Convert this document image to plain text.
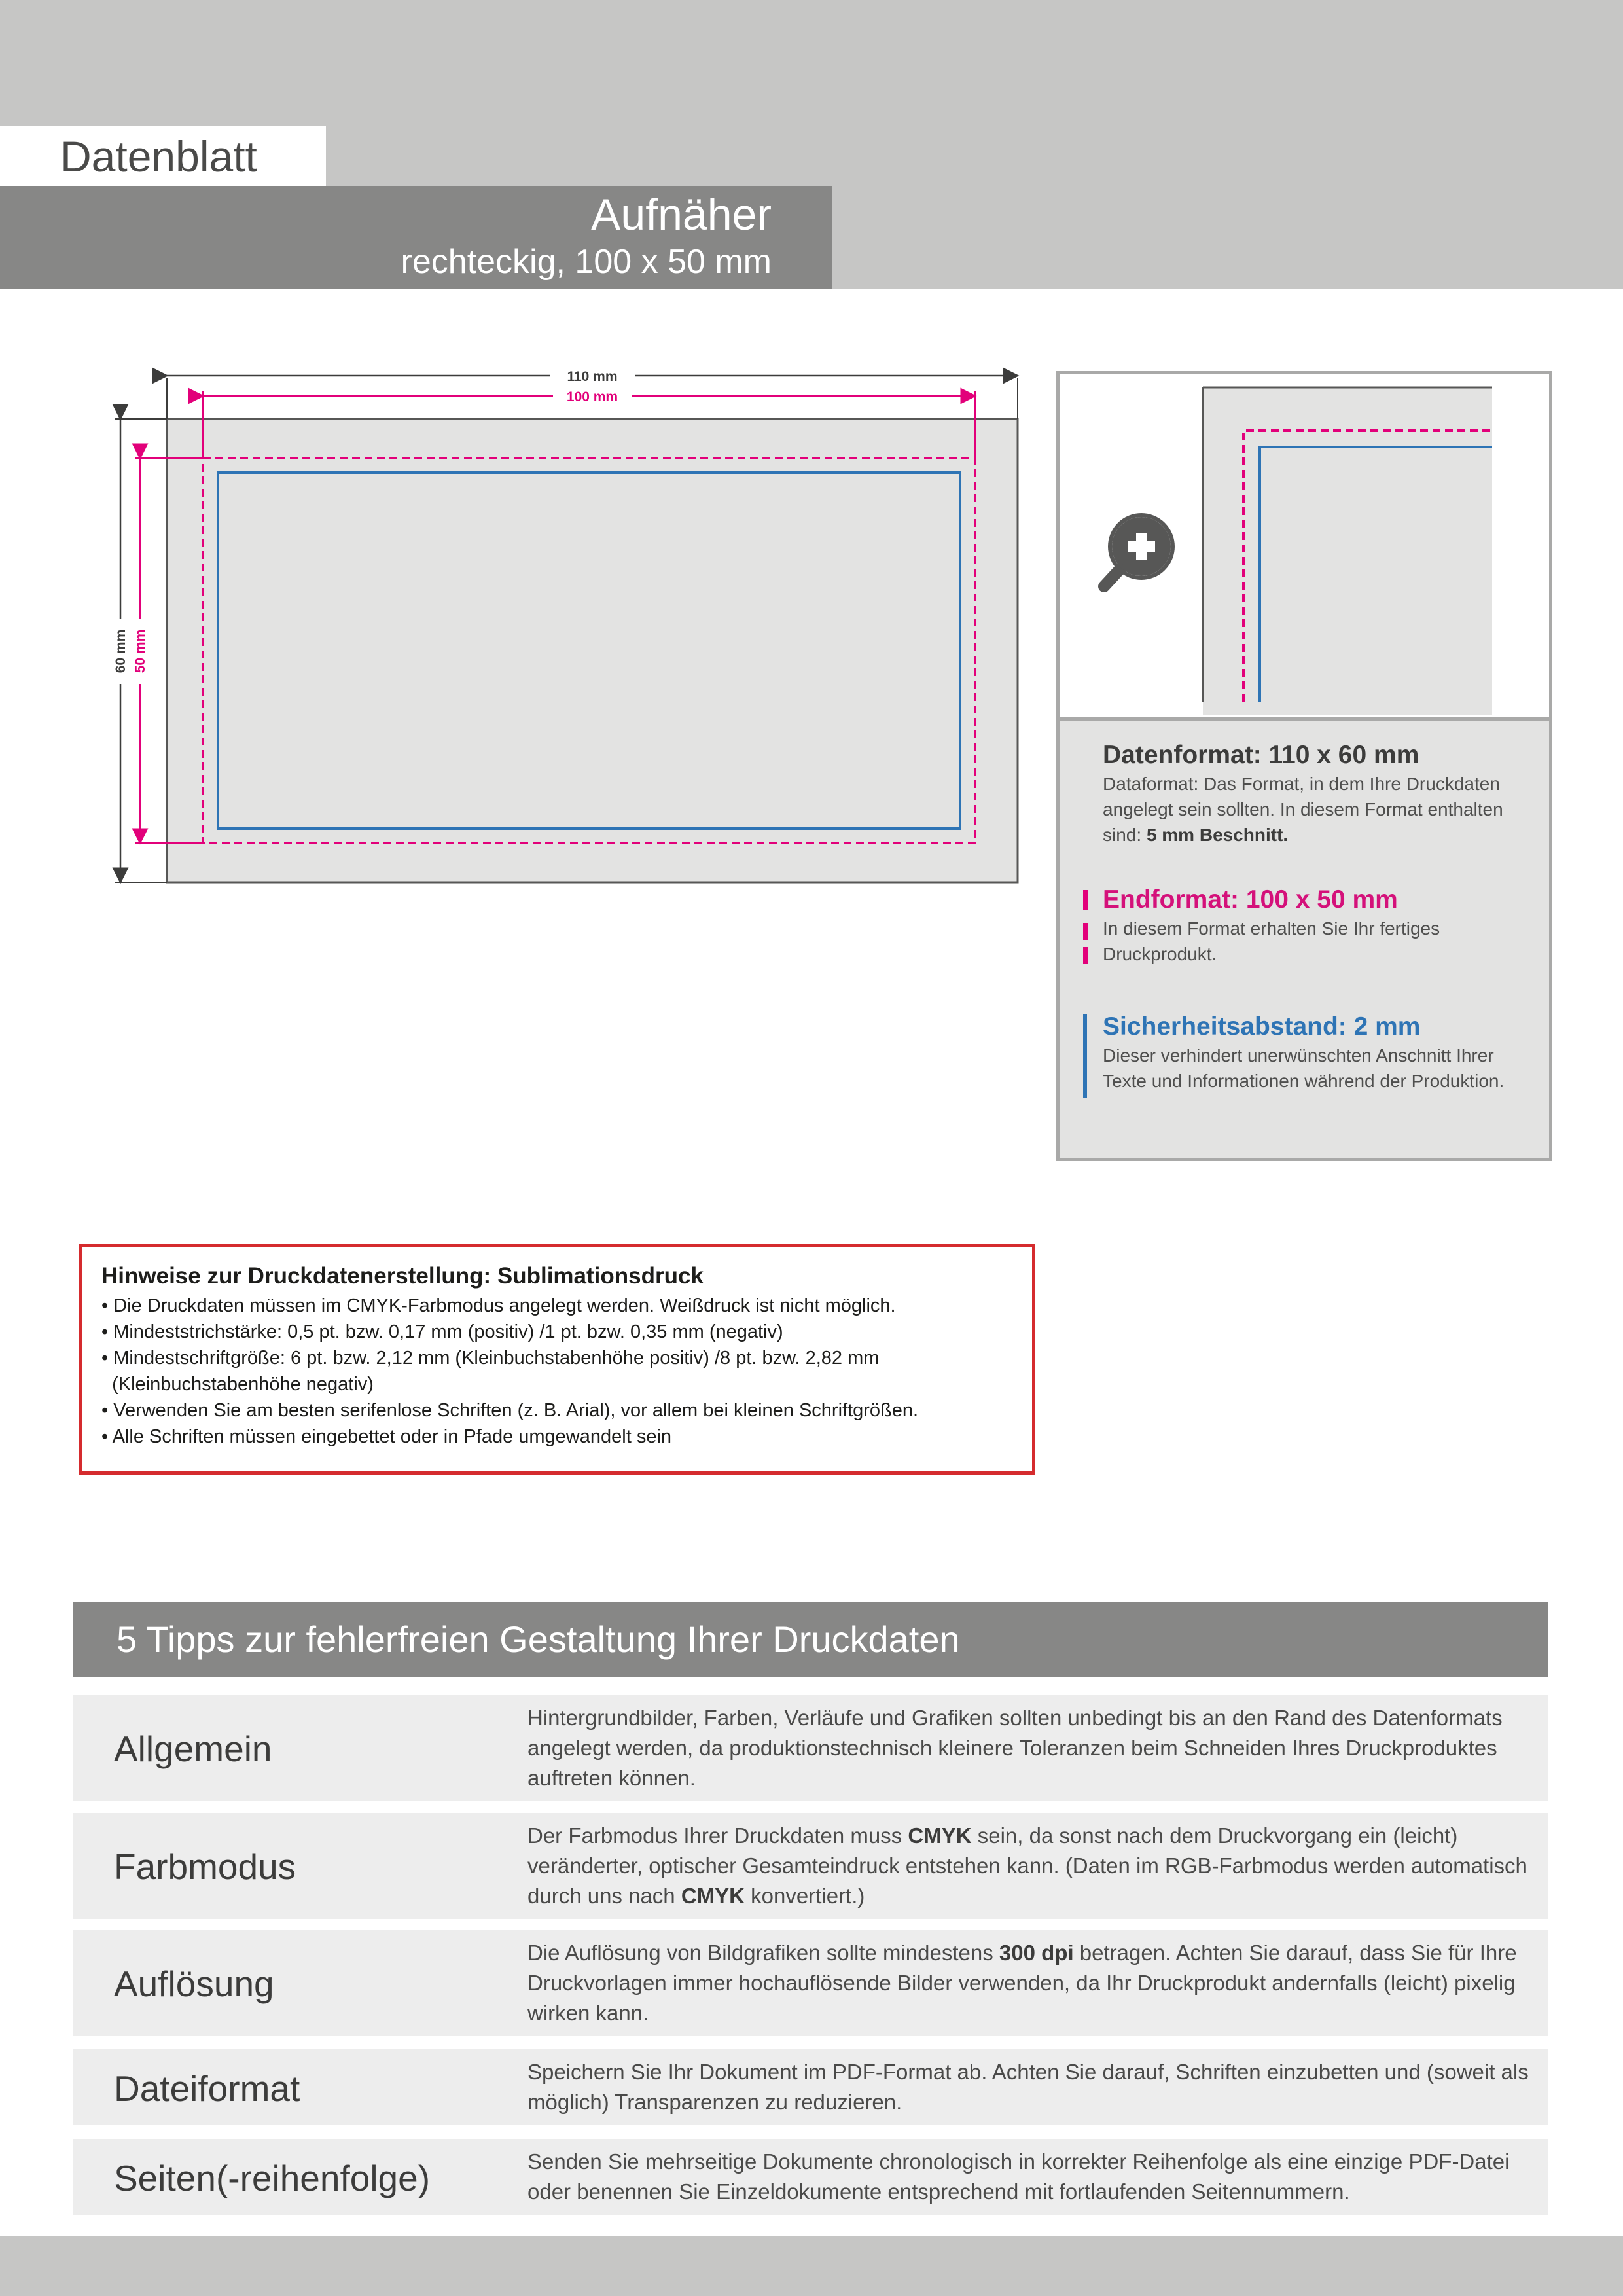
Datenblatt
Aufnäher
rechteckig, 100 x 50 mm
110 mm
100 mm
60 mm 50 mm
Datenformat: 110 x 60 mm
Dataformat: Das Format, in dem Ihre Druckdaten angelegt sein sollten. In diesem Format enthalten sind: 5 mm Beschnitt.
Endformat: 100 x 50 mm
In diesem Format erhalten Sie Ihr fertiges Druckprodukt.
Sicherheitsabstand: 2 mm
Dieser verhindert unerwünschten Anschnitt Ihrer Texte und Informationen während der Produktion.
Hinweise zur Druckdatenerstellung: Sublimationsdruck
• Die Druckdaten müssen im CMYK-Farbmodus angelegt werden. Weißdruck ist nicht möglich.
• Mindeststrichstärke: 0,5 pt. bzw. 0,17 mm (positiv) /1 pt. bzw. 0,35 mm (negativ)
• Mindestschriftgröße: 6 pt. bzw. 2,12 mm (Kleinbuchstabenhöhe positiv) /8 pt. bzw. 2,82 mm
(Kleinbuchstabenhöhe negativ)
• Verwenden Sie am besten serifenlose Schriften (z. B. Arial), vor allem bei kleinen Schriftgrößen.
• Alle Schriften müssen eingebettet oder in Pfade umgewandelt sein
5 Tipps zur fehlerfreien Gestaltung Ihrer Druckdaten
Allgemein
Hintergrundbilder, Farben, Verläufe und Grafiken sollten unbedingt bis an den Rand des Datenformats angelegt werden, da produktionstechnisch kleinere Toleranzen beim Schneiden Ihres Druckproduktes auftreten können.
Farbmodus
Der Farbmodus Ihrer Druckdaten muss CMYK sein, da sonst nach dem Druckvorgang ein (leicht) veränderter, optischer Gesamteindruck entstehen kann. (Daten im RGB-Farbmodus werden automatisch durch uns nach CMYK konvertiert.)
Auflösung
Die Auflösung von Bildgrafiken sollte mindestens 300 dpi betragen. Achten Sie darauf, dass Sie für Ihre Druckvorlagen immer hochauflösende Bilder verwenden, da Ihr Druckprodukt andernfalls (leicht) pixelig wirken kann.
Dateiformat	Speichern Sie Ihr Dokument im PDF-Format ab. Achten Sie darauf, Schriften einzubetten und (soweit als möglich) Transparenzen zu reduzieren.
Seiten(-reihenfolge)	Senden Sie mehrseitige Dokumente chronologisch in korrekter Reihenfolge als eine einzige PDF-Datei oder benennen Sie Einzeldokumente entsprechend mit fortlaufenden Seitennummern.
